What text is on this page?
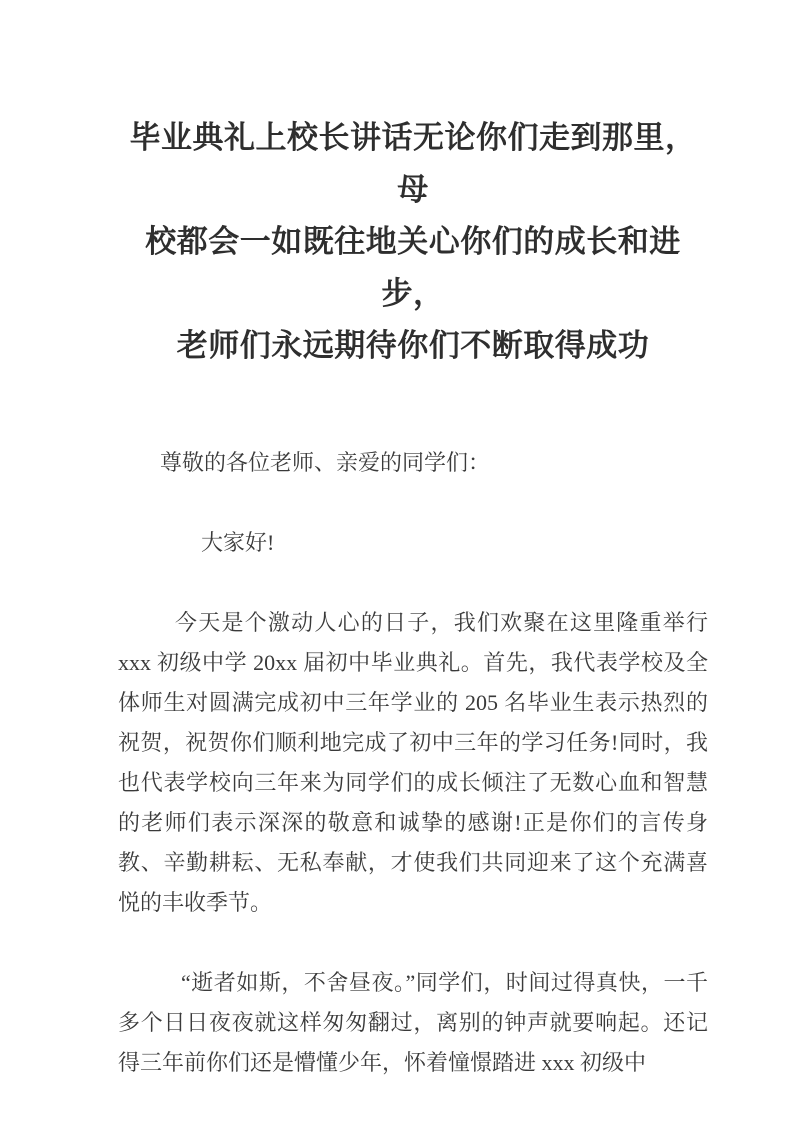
毕业典礼上校长讲话无论你们走到那里，母
校都会一如既往地关心你们的成长和进步，
老师们永远期待你们不断取得成功

尊敬的各位老师、亲爱的同学们：

大家好!

今天是个激动人心的日子，我们欢聚在这里隆重举行 xxx 初级中学 20xx 届初中毕业典礼。首先，我代表学校及全体师生对圆满完成初中三年学业的 205 名毕业生表示热烈的祝贺，祝贺你们顺利地完成了初中三年的学习任务!同时，我也代表学校向三年来为同学们的成长倾注了无数心血和智慧的老师们表示深深的敬意和诚挚的感谢!正是你们的言传身教、辛勤耕耘、无私奉献，才使我们共同迎来了这个充满喜悦的丰收季节。

“逝者如斯，不舍昼夜。”同学们，时间过得真快，一千多个日日夜夜就这样匆匆翻过，离别的钟声就要响起。还记得三年前你们还是懵懂少年，怀着憧憬踏进 xxx 初级中
